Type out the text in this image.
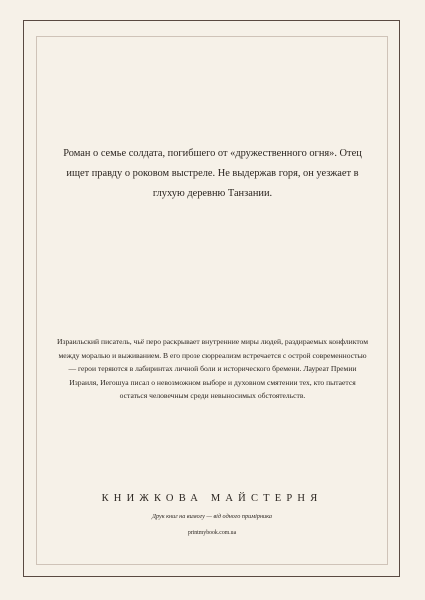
Роман о семье солдата, погибшего от «дружественного огня». Отец ищет правду о роковом выстреле. Не выдержав горя, он уезжает в глухую деревню Танзании.

Израильский писатель, чьё перо раскрывает внутренние миры людей, раздираемых конфликтом между моралью и выживанием. В его прозе сюрреализм встречается с острой современностью — герои теряются в лабиринтах личной боли и исторического бремени. Лауреат Премии Израиля, Иегошуа писал о невозможном выборе и духовном смятении тех, кто пытается остаться человечным среди невыносимых обстоятельств.

КНИЖКОВА МАЙСТЕРНЯ

Друк книг на вимогу — від одного примірника

printmybook.com.ua
